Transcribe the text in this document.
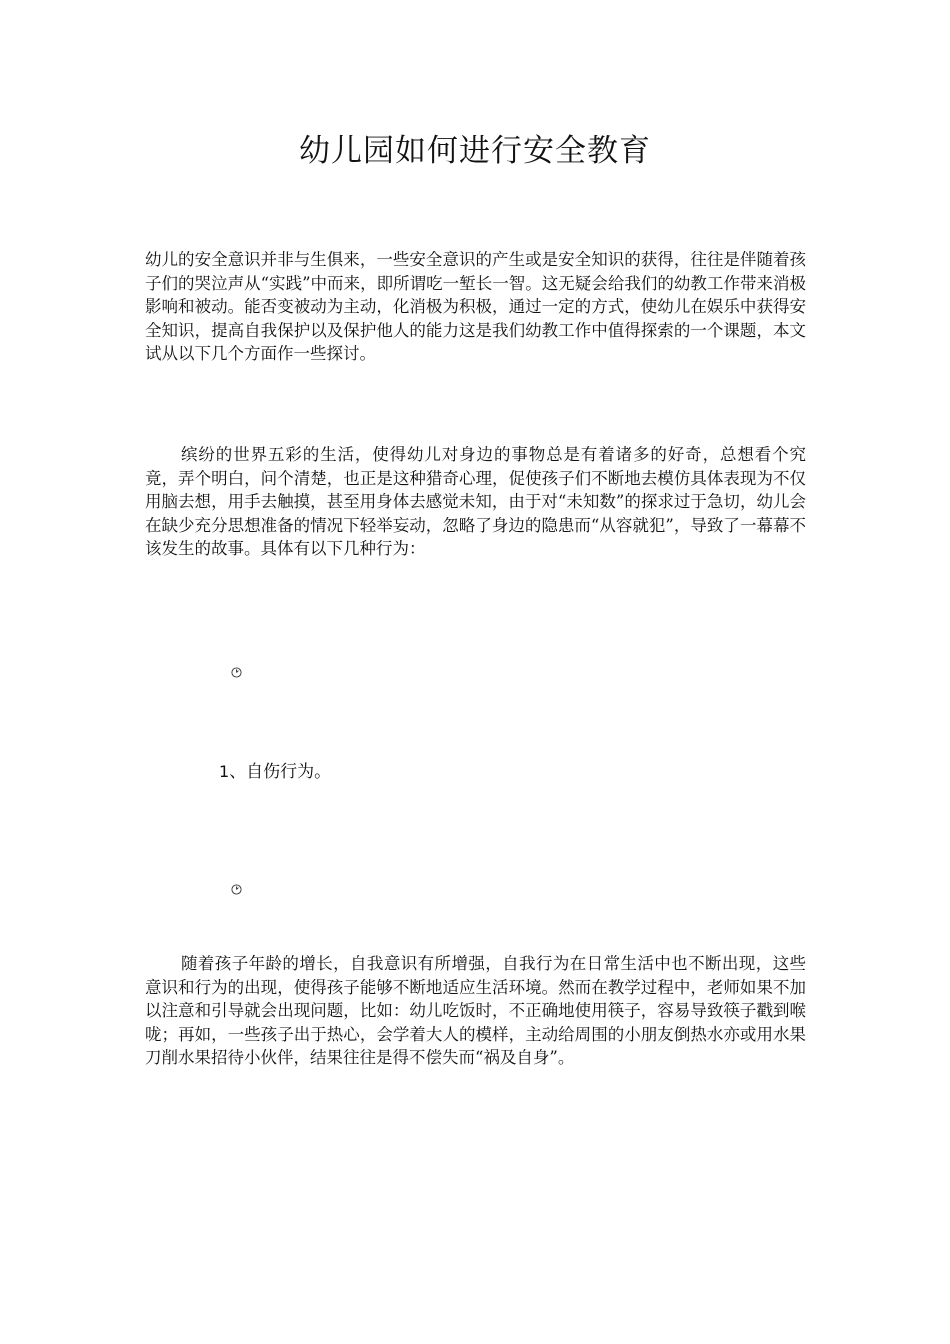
幼儿园如何进行安全教育

幼儿的安全意识并非与生俱来，一些安全意识的产生或是安全知识的获得，往往是伴随着孩子们的哭泣声从“实践”中而来，即所谓吃一堑长一智。这无疑会给我们的幼教工作带来消极影响和被动。能否变被动为主动，化消极为积极，通过一定的方式，使幼儿在娱乐中获得安全知识，提高自我保护以及保护他人的能力这是我们幼教工作中值得探索的一个课题，本文试从以下几个方面作一些探讨。

缤纷的世界五彩的生活，使得幼儿对身边的事物总是有着诸多的好奇，总想看个究竟，弄个明白，问个清楚，也正是这种猎奇心理，促使孩子们不断地去模仿具体表现为不仅用脑去想，用手去触摸，甚至用身体去感觉未知，由于对“未知数”的探求过于急切，幼儿会在缺少充分思想准备的情况下轻举妄动，忽略了身边的隐患而“从容就犯”，导致了一幕幕不该发生的故事。具体有以下几种行为：

1、自伤行为。

随着孩子年龄的增长，自我意识有所增强，自我行为在日常生活中也不断出现，这些意识和行为的出现，使得孩子能够不断地适应生活环境。然而在教学过程中，老师如果不加以注意和引导就会出现问题，比如：幼儿吃饭时，不正确地使用筷子，容易导致筷子戳到喉咙；再如，一些孩子出于热心，会学着大人的模样，主动给周围的小朋友倒热水亦或用水果刀削水果招待小伙伴，结果往往是得不偿失而“祸及自身”。
